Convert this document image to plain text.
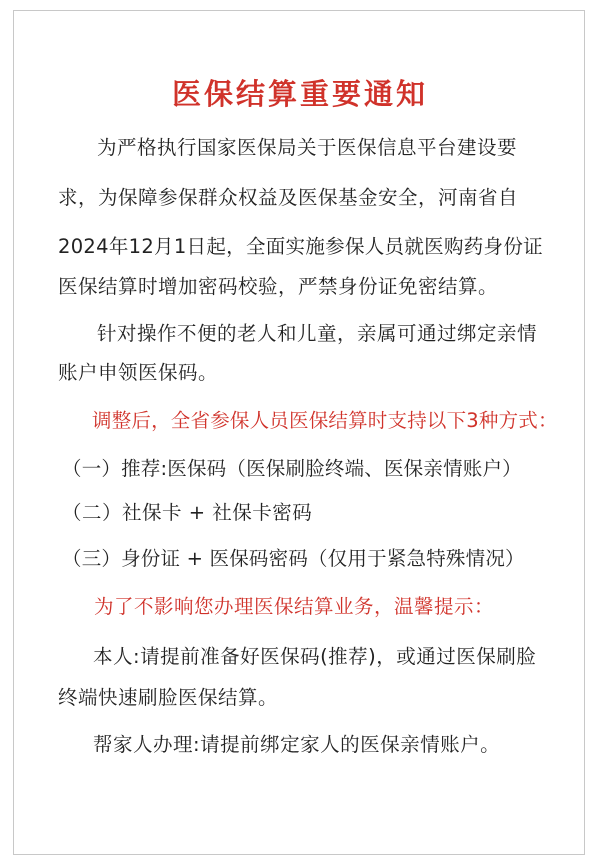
医保结算重要通知

为严格执行国家医保局关于医保信息平台建设要

求，为保障参保群众权益及医保基金安全，河南省自

2024年12月1日起，全面实施参保人员就医购药身份证

医保结算时增加密码校验，严禁身份证免密结算。

针对操作不便的老人和儿童，亲属可通过绑定亲情

账户申领医保码。

调整后，全省参保人员医保结算时支持以下3种方式：

（一）推荐:医保码（医保刷脸终端、医保亲情账户）

（二）社保卡 + 社保卡密码

（三）身份证 + 医保码密码（仅用于紧急特殊情况）

为了不影响您办理医保结算业务，温馨提示：

本人:请提前准备好医保码(推荐)，或通过医保刷脸

终端快速刷脸医保结算。

帮家人办理:请提前绑定家人的医保亲情账户。
